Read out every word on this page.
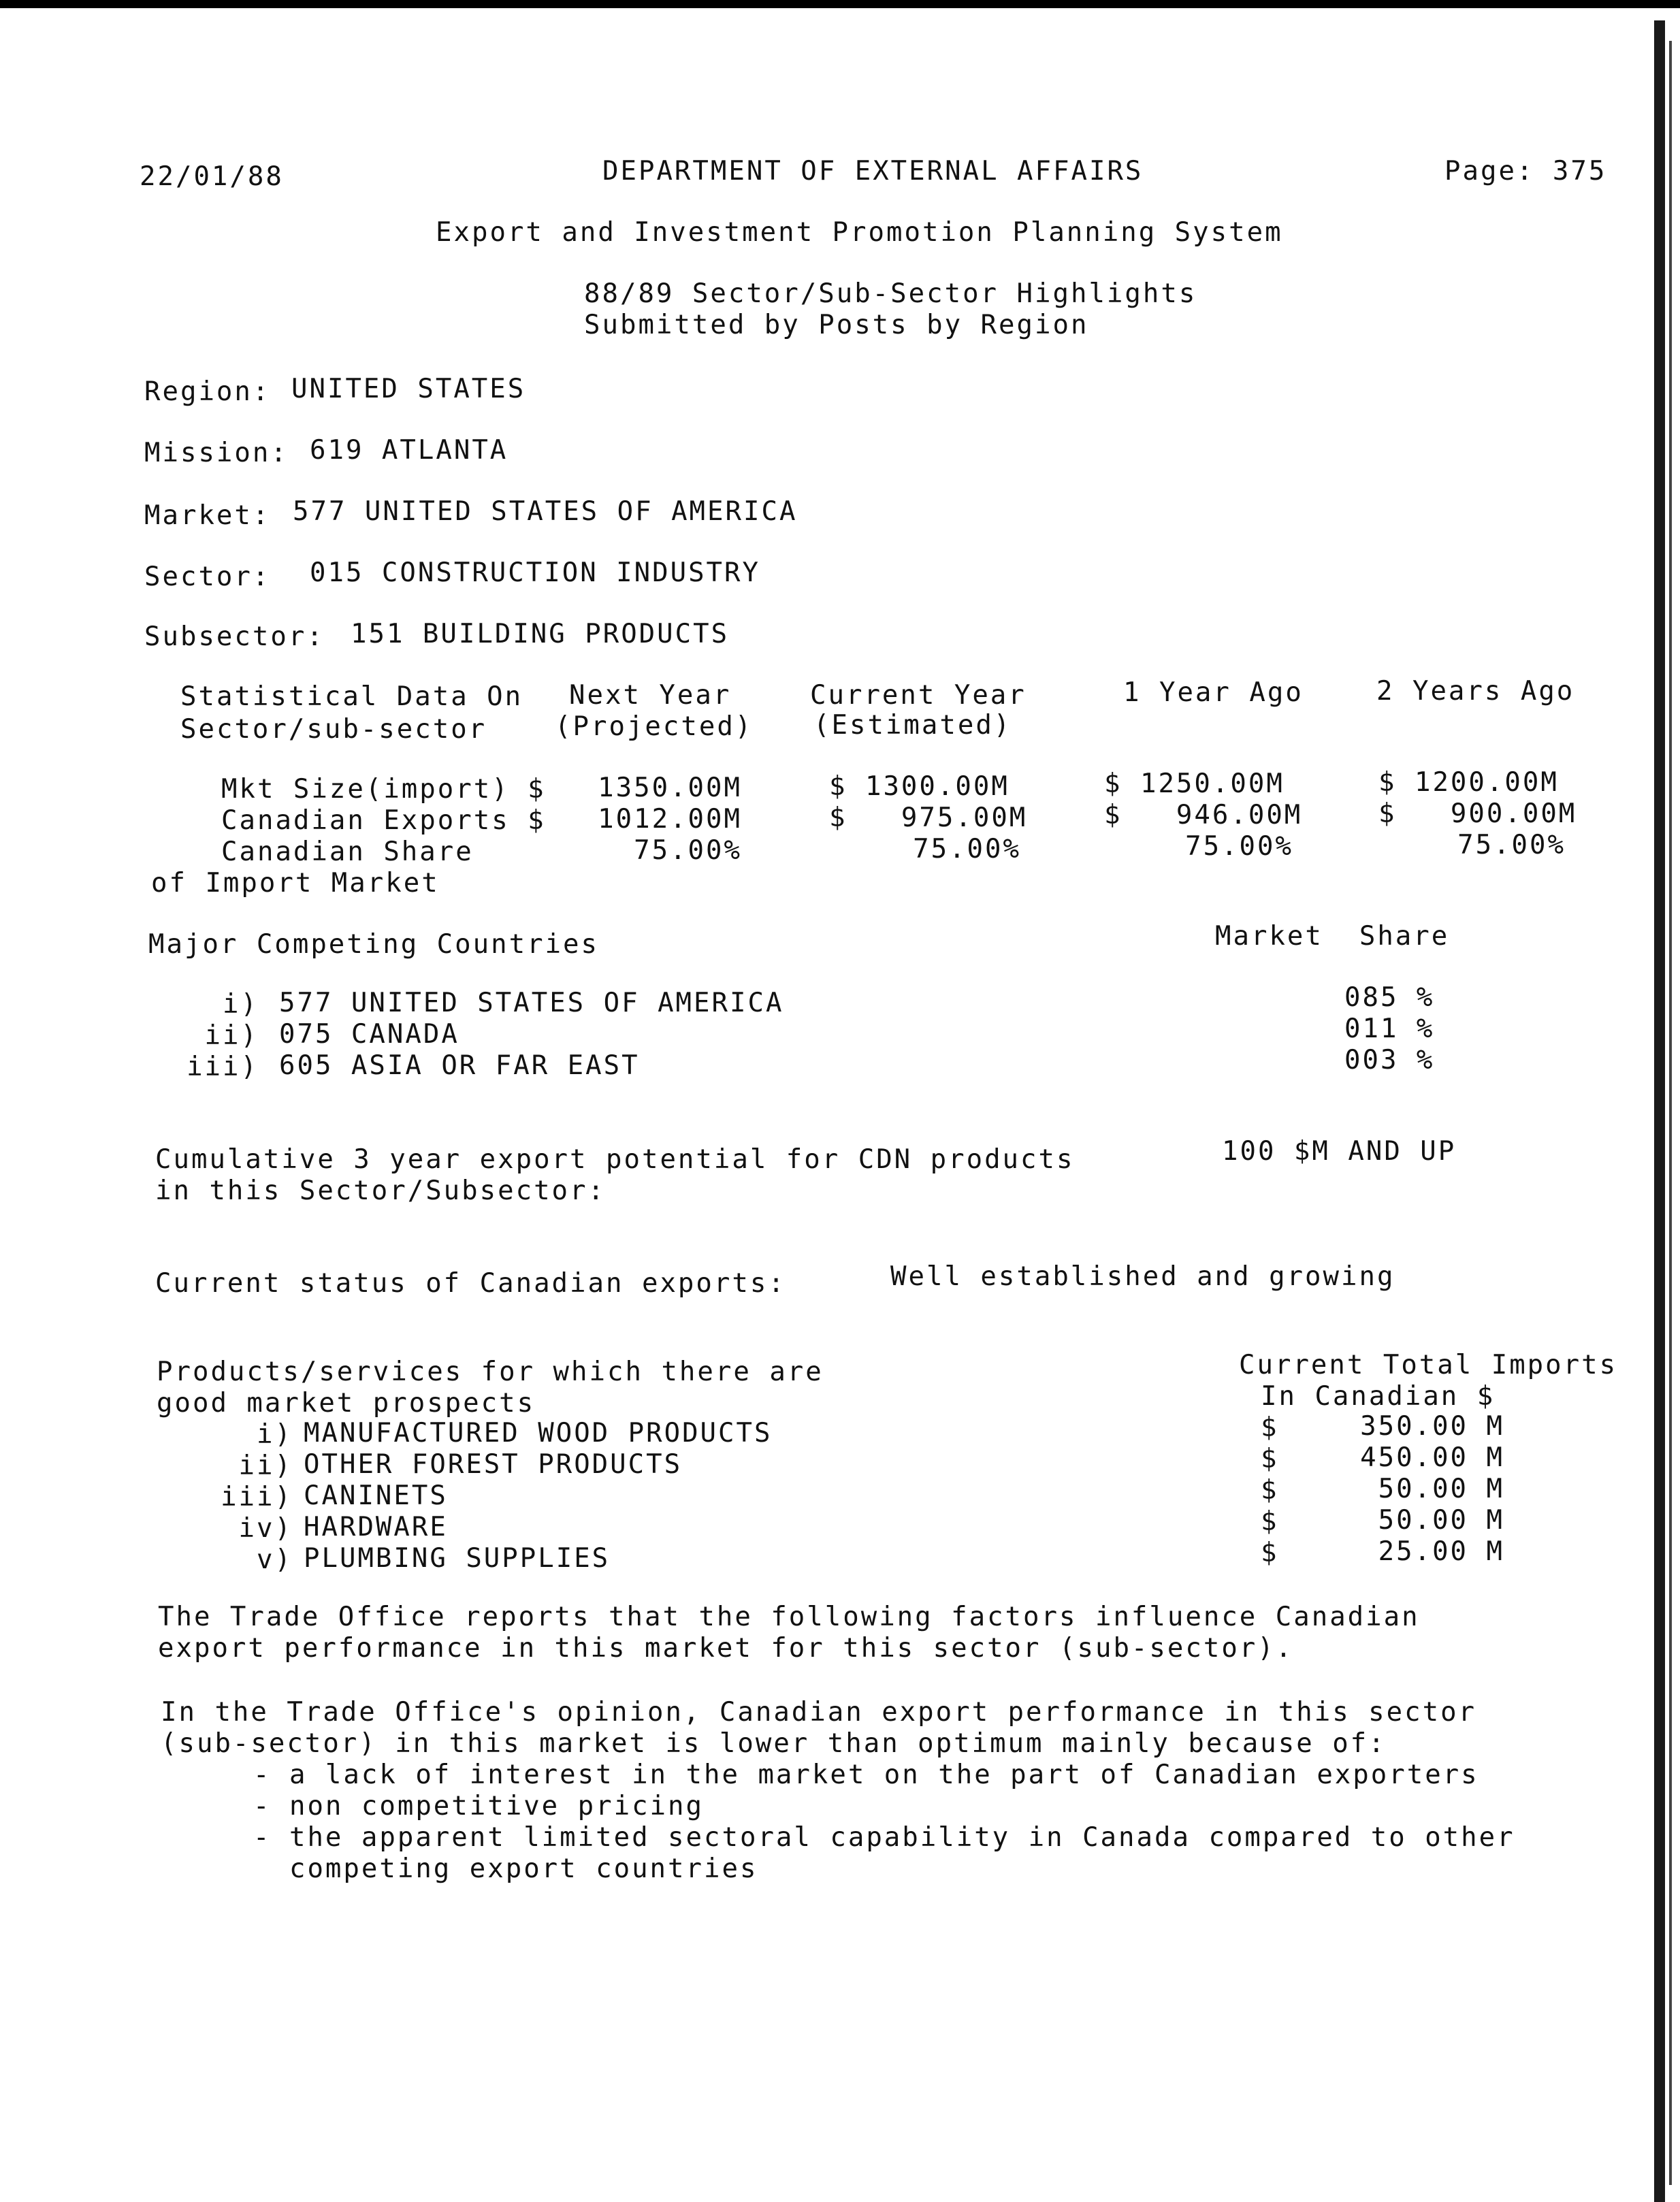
22/01/88	DEPARTMENT OF EXTERNAL AFFAIRS	Page: 375
Export and Investment Promotion Planning System
88/89 Sector/Sub-Sector Highlights
Submitted by Posts by Region
Region: UNITED STATES
Mission: 619 ATLANTA
Market: 577 UNITED STATES OF AMERICA
Sector: 015 CONSTRUCTION INDUSTRY
Subsector: 151 BUILDING PRODUCTS
Statistical Data On
Sector/sub-sector
Next Year
(Projected)
Current Year
(Estimated)
1 Year Ago	2 Years Ago
Mkt Size(import) $	1350.00M	$ 1300.00M	$ 1250.00M	$ 1200.00M
Canadian Exports $	1012.00M	$   975.00M	$   946.00M	$   900.00M
Canadian Share	75.00%	75.00%	75.00%	75.00%
of Import Market
Major Competing Countries	Market  Share
i) 577 UNITED STATES OF AMERICA	085 %
ii) 075 CANADA	011 %
iii) 605 ASIA OR FAR EAST	003 %
Cumulative 3 year export potential for CDN products
in this Sector/Subsector:
100 $M AND UP
Current status of Canadian exports:	Well established and growing
Products/services for which there are
good market prospects
Current Total Imports
In Canadian $
i) MANUFACTURED WOOD PRODUCTS	$	350.00 M
ii) OTHER FOREST PRODUCTS	$	450.00 M
iii) CANINETS	$	50.00 M
iv) HARDWARE	$	50.00 M
v) PLUMBING SUPPLIES	$	25.00 M
The Trade Office reports that the following factors influence Canadian
export performance in this market for this sector (sub-sector).
In the Trade Office's opinion, Canadian export performance in this sector
(sub-sector) in this market is lower than optimum mainly because of:
- a lack of interest in the market on the part of Canadian exporters
- non competitive pricing
- the apparent limited sectoral capability in Canada compared to other
competing export countries
